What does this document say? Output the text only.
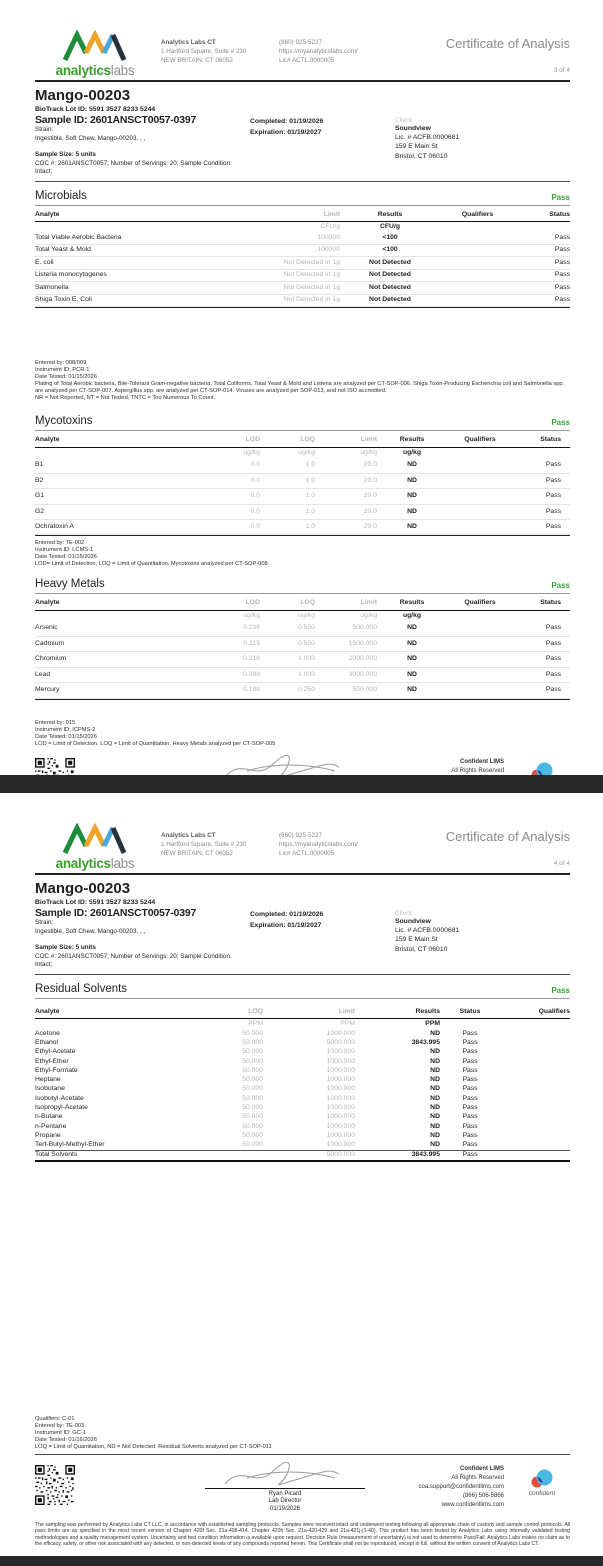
analyticslabs
Analytics Labs CT
1 Hartford Square, Suite # 230
NEW BRITAIN, CT 06052
(860) 925-5227
https://myanalyticslabs.com/
Lic# ACTL.0000005
Certificate of Analysis
3 of 4
Mango-00203
BioTrack Lot ID: 5591 3527 8233 5244
Sample ID: 2601ANSCT0057-0397
Strain:
Ingestible, Soft Chew, Mango-00203, , ,
Sample Size: 5 units
COC #: 2601ANSCT0057; Number of Servings: 20; Sample Condition: Intact;
Completed: 01/19/2026
Expiration: 01/19/2027
Client
Soundview
Lic. # ACFB.0000681
159 E Main St
Bristol, CT 06010
Microbials	Pass
Analyte	Limit	Results	Qualifiers	Status
CFU/g	CFU/g
Total Viable Aerobic Bacteria	100000	<100	Pass
Total Yeast & Mold	100000	<100	Pass
E. coli	Not Detected in 1g	Not Detected	Pass
Listeria monocytogenes	Not Detected in 1g	Not Detected	Pass
Salmonella	Not Detected in 1g	Not Detected	Pass
Shiga Toxin E. Coli	Not Detected in 1g	Not Detected	Pass
Entered by: 008/009
Instrument ID: PCR-1
Date Tested: 01/15/2026
Plating of Total Aerobic bacteria, Bile-Tolerant Gram-negative bacteria, Total Coliforms, Total Yeast & Mold and Listeria are analyzed per CT-SOP-006. Shiga Toxin-Producing Escherichia coli and Salmonella spp. are analyzed per CT-SOP-007. Aspergillus spp. are analyzed per CT-SOP-014. Viruses are analyzed per SOP-013, and not ISO accredited.
NR = Not Reported, NT = Not Tested, TNTC = Too Numerous To Count.
Mycotoxins	Pass
Analyte	LOD	LOQ	Limit	Results	Qualifiers	Status
ug/kg	ug/kg	ug/kg	ug/kg
B1	0.0	1.0	20.0	ND	Pass
B2	0.0	1.0	20.0	ND	Pass
G1	0.0	1.0	20.0	ND	Pass
G2	0.0	1.0	20.0	ND	Pass
Ochratoxin A	0.0	1.0	20.0	ND	Pass
Entered by: TE-002
Instrument ID: LCMS-1
Date Tested: 01/15/2026
LOD= Limit of Detection, LOQ = Limit of Quantitation. Mycotoxins analyzed per CT-SOP-008.
Heavy Metals	Pass
Analyte	LOD	LOQ	Limit	Results	Qualifiers	Status
ug/kg	ug/kg	ug/kg	ug/kg
Arsenic	0.236	0.500	500.000	ND	Pass
Cadmium	0.115	0.500	1500.000	ND	Pass
Chromium	0.216	1.000	2000.000	ND	Pass
Lead	0.088	1.000	3000.000	ND	Pass
Mercury	0.188	0.250	500.000	ND	Pass
Entered by: 015
Instrument ID: ICPMS-2
Date Tested: 01/15/2026
LOD = Limit of Detection. LOQ = Limit of Quantitation. Heavy Metals analyzed per CT-SOP-005
Confident LIMS
All Rights Reserved
analyticslabs
Analytics Labs CT
1 Hartford Square, Suite # 230
NEW BRITAIN, CT 06052
(860) 925-5227
https://myanalyticslabs.com/
Lic# ACTL.0000005
Certificate of Analysis
4 of 4
Mango-00203
BioTrack Lot ID: 5591 3527 8233 5244
Sample ID: 2601ANSCT0057-0397
Strain:
Ingestible, Soft Chew, Mango-00203, , ,
Sample Size: 5 units
COC #: 2601ANSCT0057; Number of Servings: 20; Sample Condition: Intact;
Completed: 01/19/2026
Expiration: 01/19/2027
Client
Soundview
Lic. # ACFB.0000681
159 E Main St
Bristol, CT 06010
Residual Solvents	Pass
Analyte	LOQ	Limit	Results	Status	Qualifiers
PPM	PPM	PPM
Acetone	50.000	1000.000	ND	Pass
Ethanol	50.000	5000.000	3843.995	Pass
Ethyl-Acetate	50.000	1000.000	ND	Pass
Ethyl-Ether	50.000	1000.000	ND	Pass
Ethyl-Formate	50.000	1000.000	ND	Pass
Heptane	50.000	1000.000	ND	Pass
Isobutane	50.000	1000.000	ND	Pass
Isobutyl-Acetate	50.000	1000.000	ND	Pass
Isopropyl-Acetate	50.000	1000.000	ND	Pass
n-Butane	50.000	1000.000	ND	Pass
n-Pentane	50.000	1000.000	ND	Pass
Propane	50.000	1000.000	ND	Pass
Tert-Butyl-Methyl-Ether	50.000	1000.000	ND	Pass
Total Solvents	5000.000	3843.995	Pass
Qualifiers: C-01
Entered by: TE-003
Instrument ID: GC-1
Date Tested: 01/16/2026
LOQ = Limit of Quantitation, ND = Not Detected. Residual Solvents analyzed per CT-SOP-011
Ryan Picard
Lab Director
01/19/2026
Confident LIMS
All Rights Reserved
coa.support@confidentlims.com
(866) 506-5866
www.confidentlims.com
confident
The sampling was performed by Analytics Labs CT LLC, in accordance with established sampling protocols. Samples were received intact and underwent testing following all appropriate chain of custody and sample control protocols. All pass limits are as specified in the most recent version of Chapter 420f Sec. 21a-408-414, Chapter 420h Sec. 21a-420-429 and 21a-421j-(1-40). This product has been tested by Analytics Labs using internally validated testing methodologies and a quality management system. Uncertainty and test condition information is available upon request. Decision Rule (measurement of uncertainty) is not used to determine Pass/Fail. Analytics Labs makes no claim as to the efficacy, safety, or other risk associated with any detected, or non-detected levels of any compounds reported herein. This Certificate shall not be reproduced, except in full, without the written consent of Analytics Labs CT.
